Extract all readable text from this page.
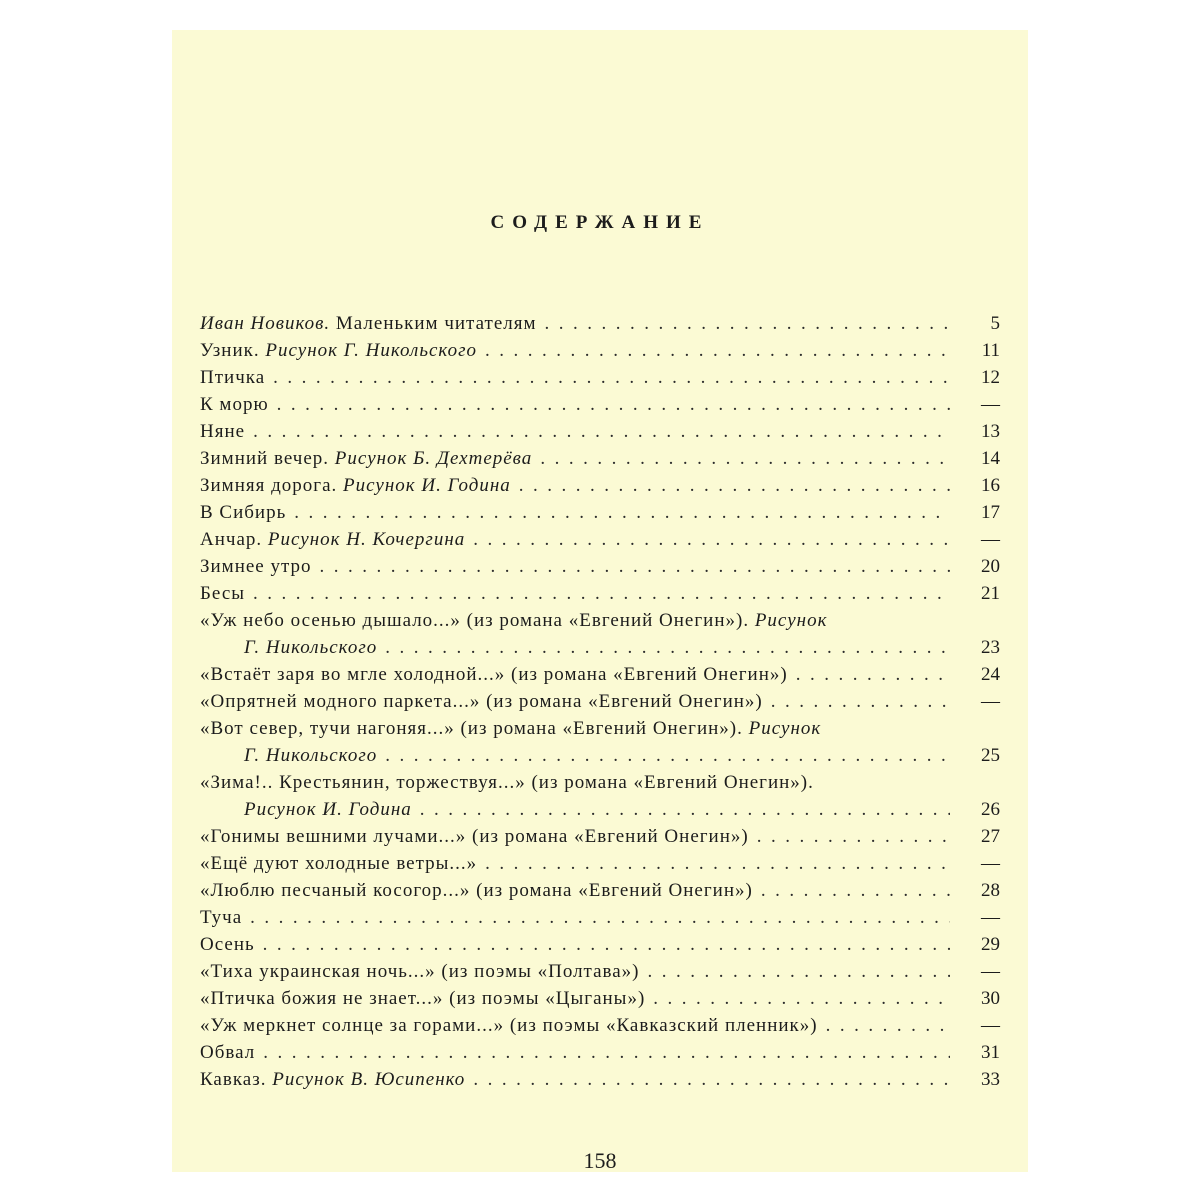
СОДЕРЖАНИЕ
Иван Новиков. Маленьким читателям . .	5
Узник. Рисунок Г. Никольского . .	11
Птичка . .	12
К морю . .	—
Няне . .	13
Зимний вечер. Рисунок Б. Дехтерёва . .	14
Зимняя дорога. Рисунок И. Година . .	16
В Сибирь . .	17
Анчар. Рисунок Н. Кочергина . .	—
Зимнее утро . .	20
Бесы . .	21
«Уж небо осенью дышало...» (из романа «Евгений Онегин»). Рисунок
Г. Никольского . .	23
«Встаёт заря во мгле холодной...» (из романа «Евгений Онегин») . .	24
«Опрятней модного паркета...» (из романа «Евгений Онегин») . .	—
«Вот север, тучи нагоняя...» (из романа «Евгений Онегин»). Рисунок
Г. Никольского . .	25
«Зима!.. Крестьянин, торжествуя...» (из романа «Евгений Онегин»).
Рисунок И. Година . .	26
«Гонимы вешними лучами...» (из романа «Евгений Онегин») . .	27
«Ещё дуют холодные ветры...» . .	—
«Люблю песчаный косогор...» (из романа «Евгений Онегин») . .	28
Туча . .	—
Осень . .	29
«Тиха украинская ночь...» (из поэмы «Полтава») . .	—
«Птичка божия не знает...» (из поэмы «Цыганы») . .	30
«Уж меркнет солнце за горами...» (из поэмы «Кавказский пленник») . .	—
Обвал . .	31
Кавказ. Рисунок В. Юсипенко . .	33
158
